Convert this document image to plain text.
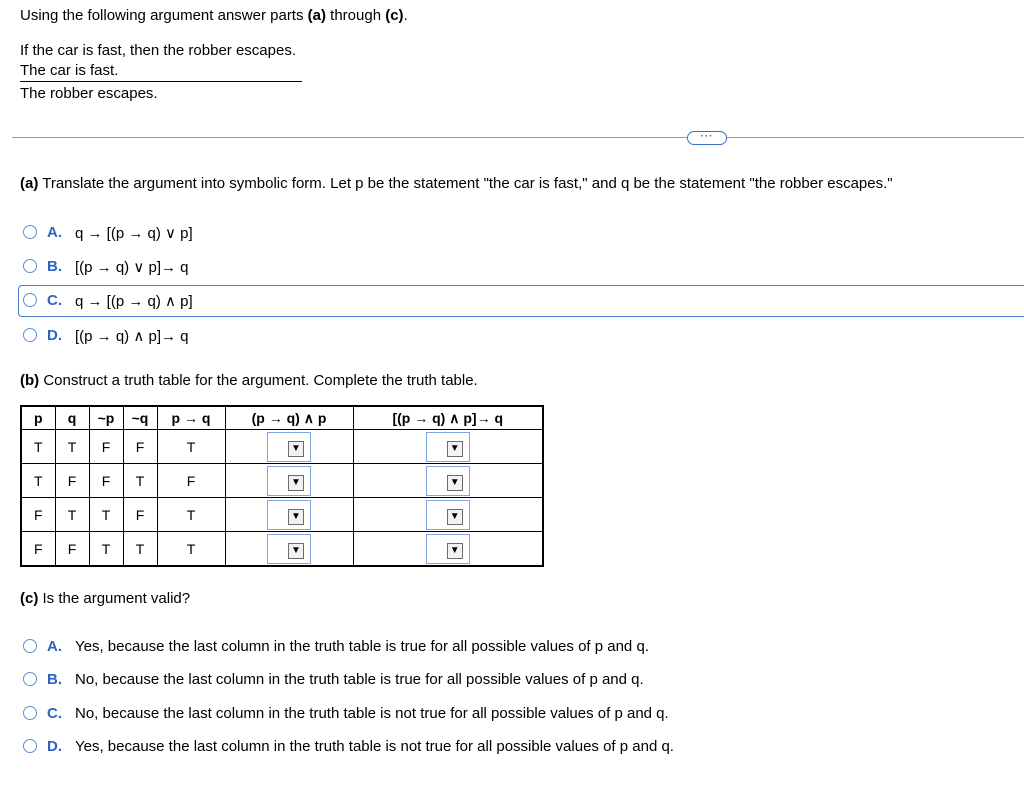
Using the following argument answer parts (a) through (c).
If the car is fast, then the robber escapes.
The car is fast.
The robber escapes.
···
(a) Translate the argument into symbolic form. Let p be the statement "the car is fast," and q be the statement "the robber escapes."
A. q → [(p → q) ∨ p]
B. [(p → q) ∨ p]→ q
C. q → [(p → q) ∧ p]
D. [(p → q) ∧ p]→ q
(b) Construct a truth table for the argument. Complete the truth table.
p	q	~p	~q	p → q	(p → q) ∧ p	[(p → q) ∧ p]→ q
T	T	F	F	T	▼	▼

T	F	F	T	F	▼	▼

F	T	T	F	T	▼	▼

F	F	T	T	T	▼	▼
(c) Is the argument valid?
A. Yes, because the last column in the truth table is true for all possible values of p and q.
B. No, because the last column in the truth table is true for all possible values of p and q.
C. No, because the last column in the truth table is not true for all possible values of p and q.
D. Yes, because the last column in the truth table is not true for all possible values of p and q.
